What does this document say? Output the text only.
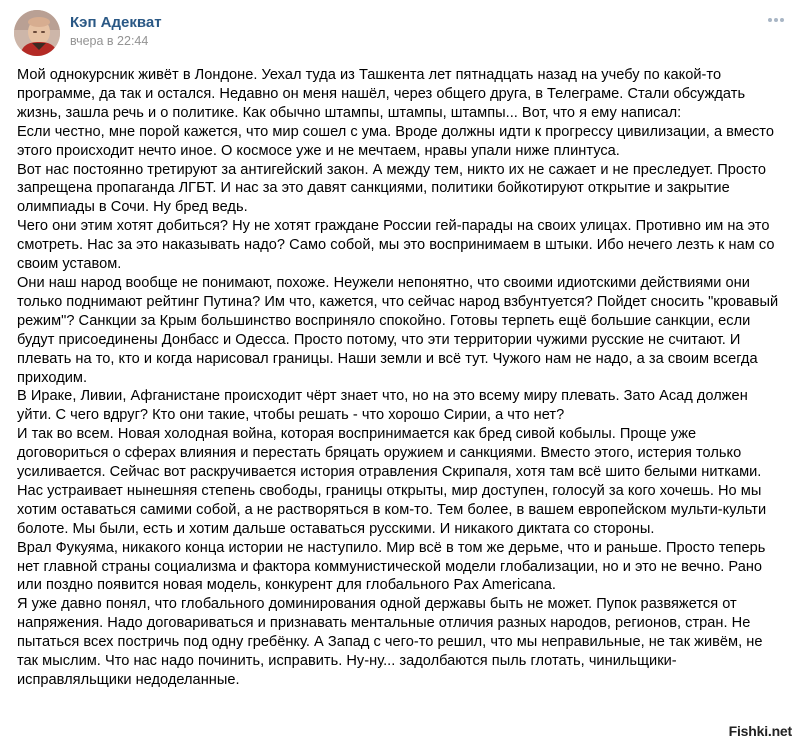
Кэп Адекват
вчера в 22:44

Мой однокурсник живёт в Лондоне. Уехал туда из Ташкента лет пятнадцать назад на учебу по какой-то программе, да так и остался. Недавно он меня нашёл, через общего друга, в Телеграме. Стали обсуждать жизнь, зашла речь и о политике. Как обычно штампы, штампы, штампы... Вот, что я ему написал:

Если честно, мне порой кажется, что мир сошел с ума. Вроде должны идти к прогрессу цивилизации, а вместо этого происходит нечто иное. О космосе уже и не мечтаем, нравы упали ниже плинтуса.

Вот нас постоянно третируют за антигейский закон. А между тем, никто их не сажает и не преследует. Просто запрещена пропаганда ЛГБТ. И нас за это давят санкциями, политики бойкотируют открытие и закрытие олимпиады в Сочи. Ну бред ведь.

Чего они этим хотят добиться? Ну не хотят граждане России гей-парады на своих улицах. Противно им на это смотреть. Нас за это наказывать надо? Само собой, мы это воспринимаем в штыки. Ибо нечего лезть к нам со своим уставом.

Они наш народ вообще не понимают, похоже. Неужели непонятно, что своими идиотскими действиями они только поднимают рейтинг Путина? Им что, кажется, что сейчас народ взбунтуется? Пойдет сносить "кровавый режим"? Санкции за Крым большинство восприняло спокойно. Готовы терпеть ещё большие санкции, если будут присоединены Донбасс и Одесса. Просто потому, что эти территории чужими русские не считают. И плевать на то, кто и когда нарисовал границы. Наши земли и всё тут. Чужого нам не надо, а за своим всегда приходим.

В Ираке, Ливии, Афганистане происходит чёрт знает что, но на это всему миру плевать. Зато Асад должен уйти. С чего вдруг? Кто они такие, чтобы решать - что хорошо Сирии, а что нет?

И так во всем. Новая холодная война, которая воспринимается как бред сивой кобылы. Проще уже договориться о сферах влияния и перестать бряцать оружием и санкциями. Вместо этого, истерия только усиливается. Сейчас вот раскручивается история отравления Скрипаля, хотя там всё шито белыми нитками.

Нас устраивает нынешняя степень свободы, границы открыты, мир доступен, голосуй за кого хочешь. Но мы хотим оставаться самими собой, а не растворяться в ком-то. Тем более, в вашем европейском мульти-культи болоте. Мы были, есть и хотим дальше оставаться русскими. И никакого диктата со стороны.

Врал Фукуяма, никакого конца истории не наступило. Мир всё в том же дерьме, что и раньше. Просто теперь нет главной страны социализма и фактора коммунистической модели глобализации, но и это не вечно. Рано или поздно появится новая модель, конкурент для глобального Pax Americana.

Я уже давно понял, что глобального доминирования одной державы быть не может. Пупок развяжется от напряжения. Надо договариваться и признавать ментальные отличия разных народов, регионов, стран. Не пытаться всех постричь под одну гребёнку. А Запад с чего-то решил, что мы неправильные, не так живём, не так мыслим. Что нас надо починить, исправить. Ну-ну... задолбаются пыль глотать, чинильщики-исправляльщики недоделанные.

Fishki.net
